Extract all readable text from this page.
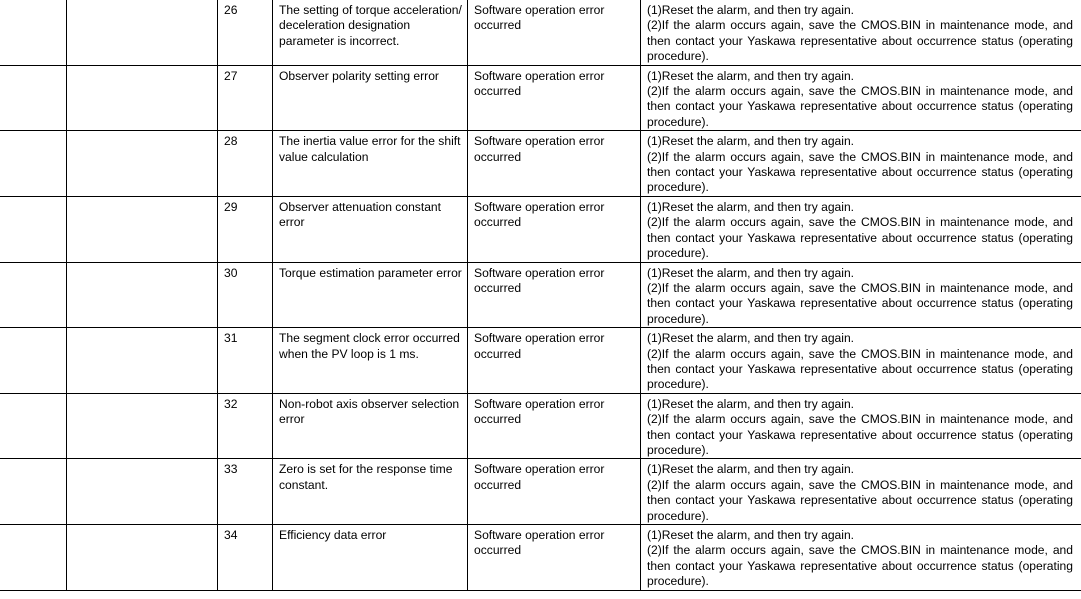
		26	The setting of torque acceleration/ deceleration designation parameter is incorrect.	Software operation error occurred	(1)Reset the alarm, and then try again.
(2)If the alarm occurs again, save the CMOS.BIN in maintenance mode, and then contact your Yaskawa representative about occurrence status (operating procedure).

		27	Observer polarity setting error	Software operation error occurred	(1)Reset the alarm, and then try again.
(2)If the alarm occurs again, save the CMOS.BIN in maintenance mode, and then contact your Yaskawa representative about occurrence status (operating procedure).

		28	The inertia value error for the shift value calculation	Software operation error occurred	(1)Reset the alarm, and then try again.
(2)If the alarm occurs again, save the CMOS.BIN in maintenance mode, and then contact your Yaskawa representative about occurrence status (operating procedure).

		29	Observer attenuation constant error	Software operation error occurred	(1)Reset the alarm, and then try again.
(2)If the alarm occurs again, save the CMOS.BIN in maintenance mode, and then contact your Yaskawa representative about occurrence status (operating procedure).

		30	Torque estimation parameter error	Software operation error occurred	(1)Reset the alarm, and then try again.
(2)If the alarm occurs again, save the CMOS.BIN in maintenance mode, and then contact your Yaskawa representative about occurrence status (operating procedure).

		31	The segment clock error occurred when the PV loop is 1 ms.	Software operation error occurred	(1)Reset the alarm, and then try again.
(2)If the alarm occurs again, save the CMOS.BIN in maintenance mode, and then contact your Yaskawa representative about occurrence status (operating procedure).

		32	Non-robot axis observer selection error	Software operation error occurred	(1)Reset the alarm, and then try again.
(2)If the alarm occurs again, save the CMOS.BIN in maintenance mode, and then contact your Yaskawa representative about occurrence status (operating procedure).

		33	Zero is set for the response time constant.	Software operation error occurred	(1)Reset the alarm, and then try again.
(2)If the alarm occurs again, save the CMOS.BIN in maintenance mode, and then contact your Yaskawa representative about occurrence status (operating procedure).

		34	Efficiency data error	Software operation error occurred	(1)Reset the alarm, and then try again.
(2)If the alarm occurs again, save the CMOS.BIN in maintenance mode, and then contact your Yaskawa representative about occurrence status (operating procedure).
